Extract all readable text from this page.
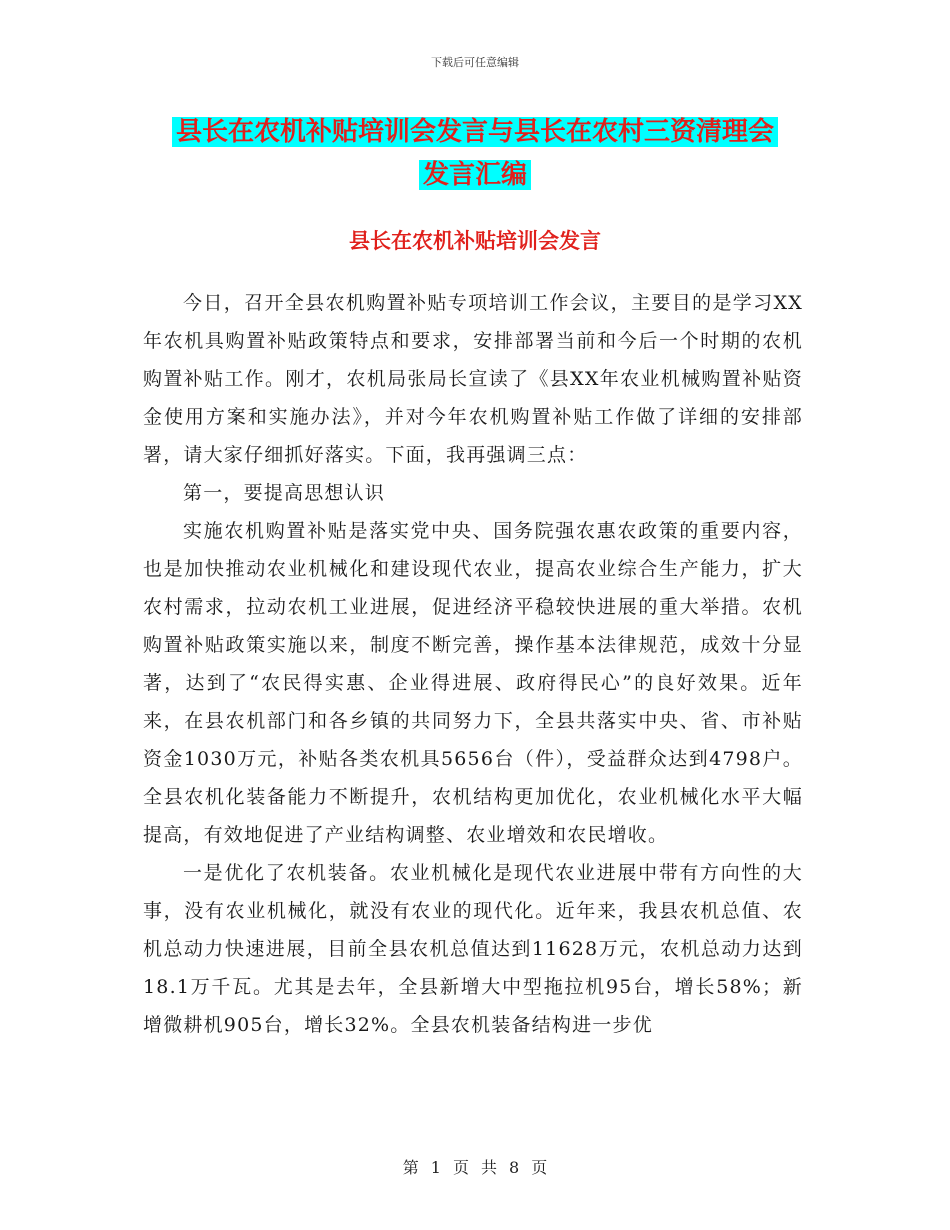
下载后可任意编辑
县长在农机补贴培训会发言与县长在农村三资清理会
发言汇编
县长在农机补贴培训会发言

今日，召开全县农机购置补贴专项培训工作会议，主要目的是学习XX年农机具购置补贴政策特点和要求，安排部署当前和今后一个时期的农机购置补贴工作。刚才，农机局张局长宣读了《县XX年农业机械购置补贴资金使用方案和实施办法》，并对今年农机购置补贴工作做了详细的安排部署，请大家仔细抓好落实。下面，我再强调三点：

第一，要提高思想认识

实施农机购置补贴是落实党中央、国务院强农惠农政策的重要内容，也是加快推动农业机械化和建设现代农业，提高农业综合生产能力，扩大农村需求，拉动农机工业进展，促进经济平稳较快进展的重大举措。农机购置补贴政策实施以来，制度不断完善，操作基本法律规范，成效十分显著，达到了“农民得实惠、企业得进展、政府得民心”的良好效果。近年来，在县农机部门和各乡镇的共同努力下，全县共落实中央、省、市补贴资金1030万元，补贴各类农机具5656台（件），受益群众达到4798户。全县农机化装备能力不断提升，农机结构更加优化，农业机械化水平大幅提高，有效地促进了产业结构调整、农业增效和农民增收。

一是优化了农机装备。农业机械化是现代农业进展中带有方向性的大事，没有农业机械化，就没有农业的现代化。近年来，我县农机总值、农机总动力快速进展，目前全县农机总值达到11628万元，农机总动力达到18.1万千瓦。尤其是去年，全县新增大中型拖拉机95台，增长58%；新增微耕机905台，增长32%。全县农机装备结构进一步优

第 1 页 共 8 页
